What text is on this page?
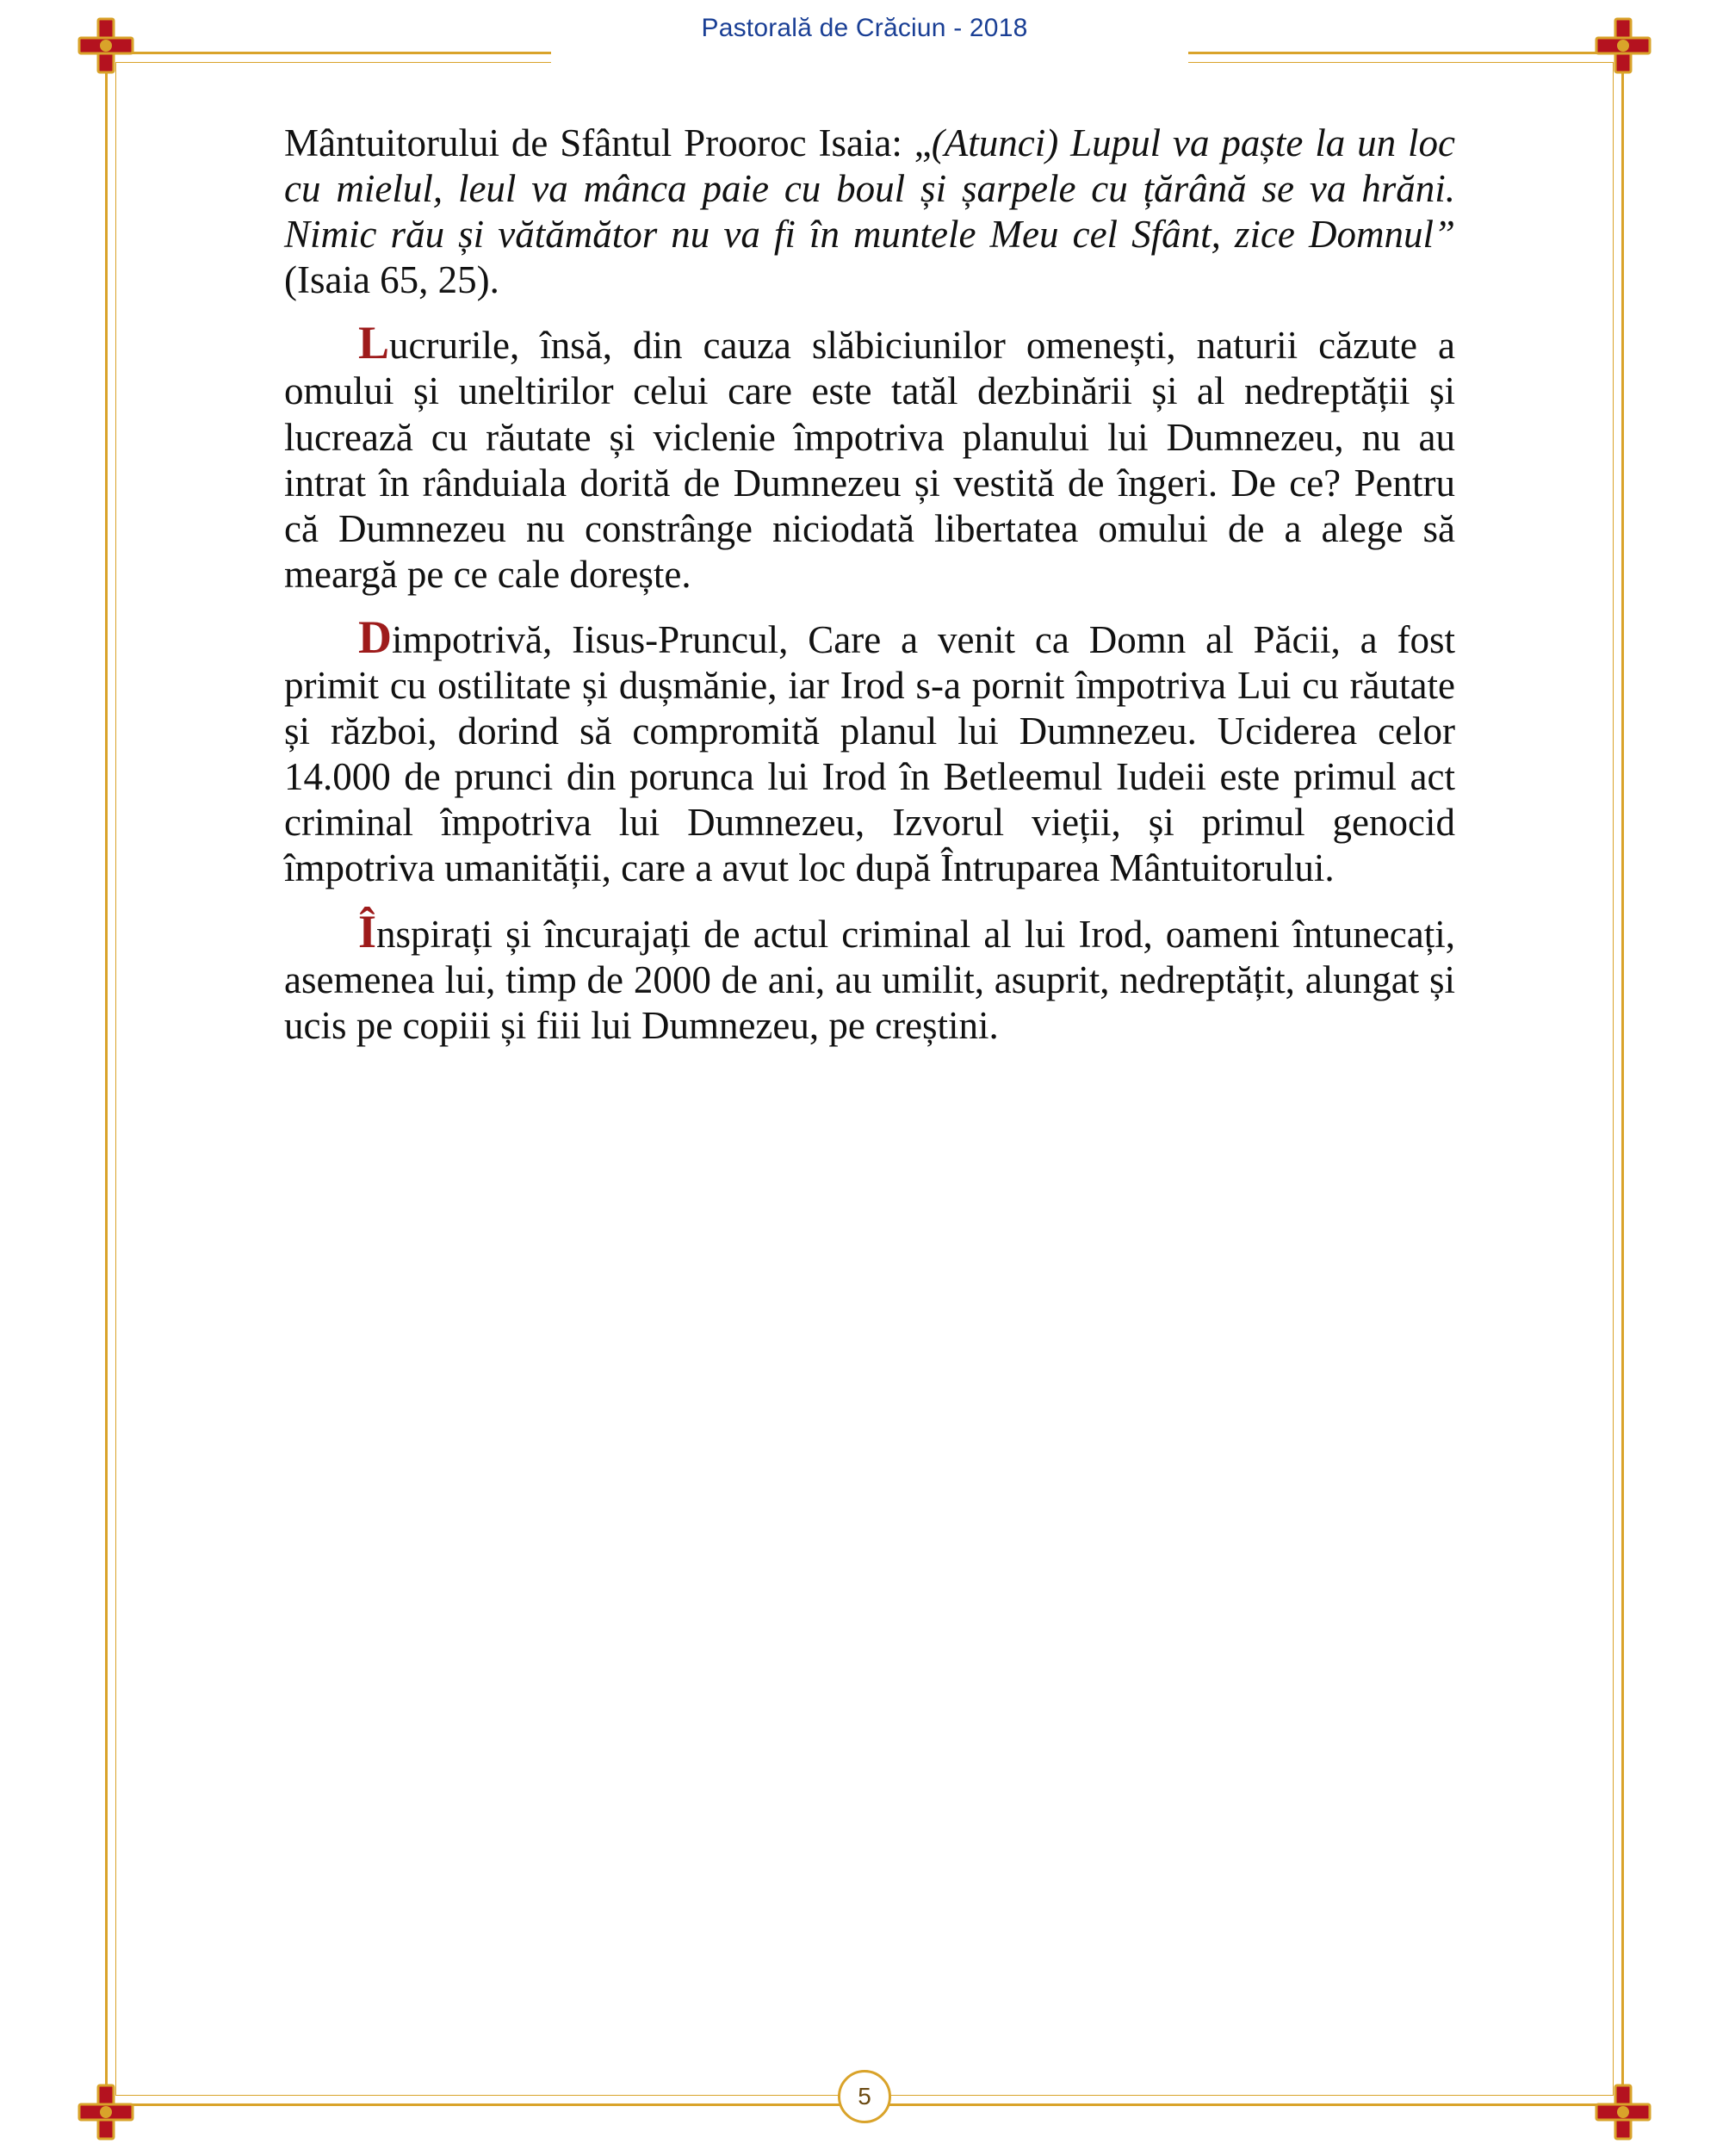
Pastorală de Crăciun - 2018

Mântuitorului de Sfântul Prooroc Isaia: „(Atunci) Lupul va paște la un loc cu mielul, leul va mânca paie cu boul și șarpele cu țărână se va hrăni. Nimic rău și vătămător nu va fi în muntele Meu cel Sfânt, zice Domnul” (Isaia 65, 25).

Lucrurile, însă, din cauza slăbiciunilor omenești, naturii căzute a omului și uneltirilor celui care este tatăl dezbinării și al nedreptății și lucrează cu răutate și viclenie împotriva planului lui Dumnezeu, nu au intrat în rânduiala dorită de Dumnezeu și vestită de îngeri. De ce? Pentru că Dumnezeu nu constrânge niciodată libertatea omului de a alege să meargă pe ce cale dorește.

Dimpotrivă, Iisus-Pruncul, Care a venit ca Domn al Păcii, a fost primit cu ostilitate și dușmănie, iar Irod s-a pornit împotriva Lui cu răutate și război, dorind să compromită planul lui Dumnezeu. Uciderea celor 14.000 de prunci din porunca lui Irod în Betleemul Iudeii este primul act criminal împotriva lui Dumnezeu, Izvorul vieții, și primul genocid împotriva umanității, care a avut loc după Întruparea Mântuitorului.

Înspirați și încurajați de actul criminal al lui Irod, oameni întunecați, asemenea lui, timp de 2000 de ani, au umilit, asuprit, nedreptățit, alungat și ucis pe copiii și fiii lui Dumnezeu, pe creștini.

5
